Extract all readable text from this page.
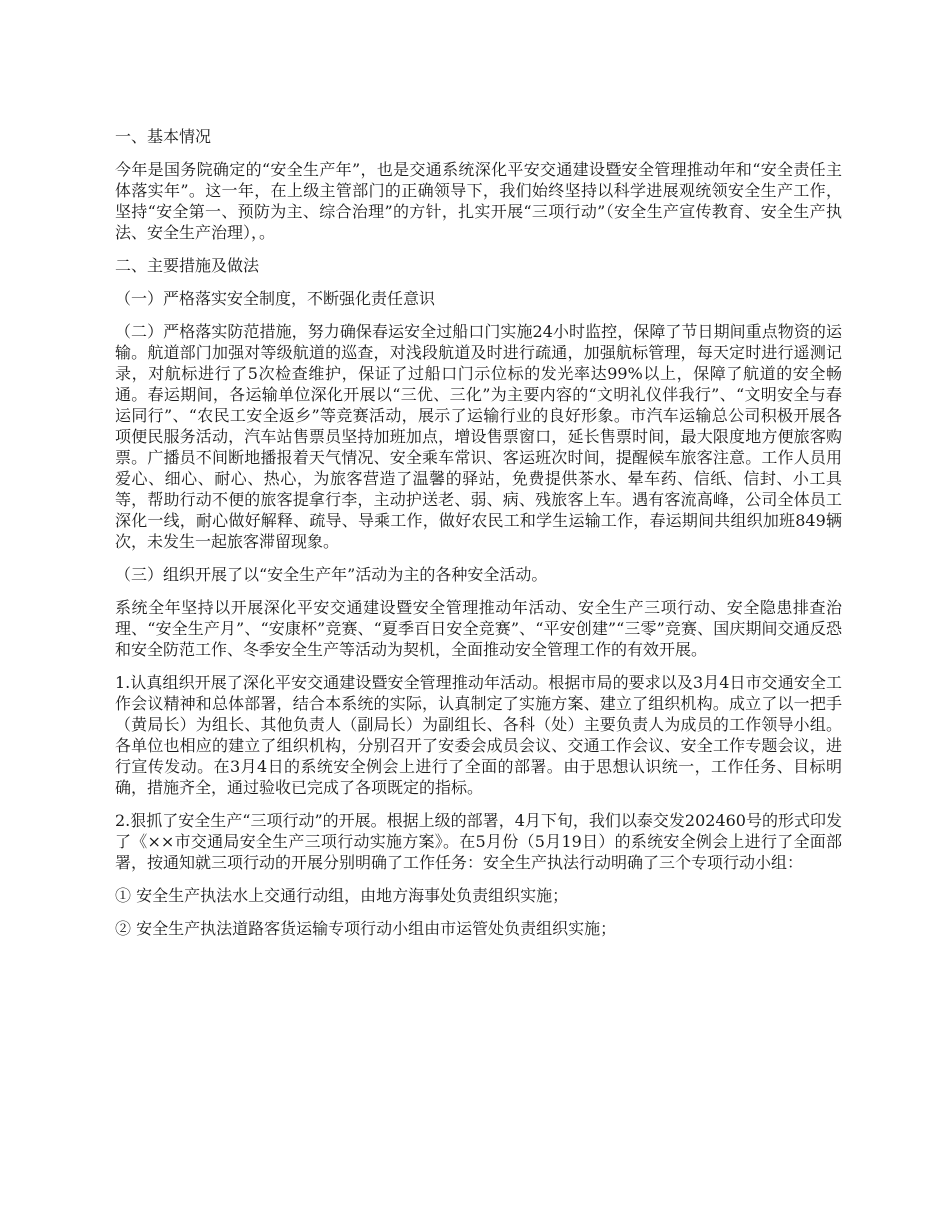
一、基本情况

今年是国务院确定的“安全生产年”，也是交通系统深化平安交通建设暨安全管理推动年和“安全责任主体落实年”。这一年，在上级主管部门的正确领导下，我们始终坚持以科学进展观统领安全生产工作，坚持“安全第一、预防为主、综合治理”的方针，扎实开展“三项行动”（安全生产宣传教育、安全生产执法、安全生产治理），。

二、主要措施及做法

（一）严格落实安全制度，不断强化责任意识

（二）严格落实防范措施，努力确保春运安全过船口门实施24小时监控，保障了节日期间重点物资的运输。航道部门加强对等级航道的巡查，对浅段航道及时进行疏通，加强航标管理，每天定时进行遥测记录，对航标进行了5次检查维护，保证了过船口门示位标的发光率达99%以上，保障了航道的安全畅通。春运期间，各运输单位深化开展以“三优、三化”为主要内容的“文明礼仪伴我行”、“文明安全与春运同行”、“农民工安全返乡”等竞赛活动，展示了运输行业的良好形象。市汽车运输总公司积极开展各项便民服务活动，汽车站售票员坚持加班加点，增设售票窗口，延长售票时间，最大限度地方便旅客购票。广播员不间断地播报着天气情况、安全乘车常识、客运班次时间，提醒候车旅客注意。工作人员用爱心、细心、耐心、热心，为旅客营造了温馨的驿站，免费提供茶水、晕车药、信纸、信封、小工具等，帮助行动不便的旅客提拿行李，主动护送老、弱、病、残旅客上车。遇有客流高峰，公司全体员工深化一线，耐心做好解释、疏导、导乘工作，做好农民工和学生运输工作，春运期间共组织加班849辆次，未发生一起旅客滞留现象。

（三）组织开展了以“安全生产年”活动为主的各种安全活动。

系统全年坚持以开展深化平安交通建设暨安全管理推动年活动、安全生产三项行动、安全隐患排查治理、“安全生产月”、“安康杯”竞赛、“夏季百日安全竞赛”、“平安创建”“三零”竞赛、国庆期间交通反恐和安全防范工作、冬季安全生产等活动为契机，全面推动安全管理工作的有效开展。

1.认真组织开展了深化平安交通建设暨安全管理推动年活动。根据市局的要求以及3月4日市交通安全工作会议精神和总体部署，结合本系统的实际，认真制定了实施方案、建立了组织机构。成立了以一把手（黄局长）为组长、其他负责人（副局长）为副组长、各科（处）主要负责人为成员的工作领导小组。各单位也相应的建立了组织机构，分别召开了安委会成员会议、交通工作会议、安全工作专题会议，进行宣传发动。在3月4日的系统安全例会上进行了全面的部署。由于思想认识统一，工作任务、目标明确，措施齐全，通过验收已完成了各项既定的指标。

2.狠抓了安全生产“三项行动”的开展。根据上级的部署，4月下旬，我们以泰交发202460号的形式印发了《××市交通局安全生产三项行动实施方案》。在5月份（5月19日）的系统安全例会上进行了全面部署，按通知就三项行动的开展分别明确了工作任务：安全生产执法行动明确了三个专项行动小组：

① 安全生产执法水上交通行动组，由地方海事处负责组织实施；

② 安全生产执法道路客货运输专项行动小组由市运管处负责组织实施；
